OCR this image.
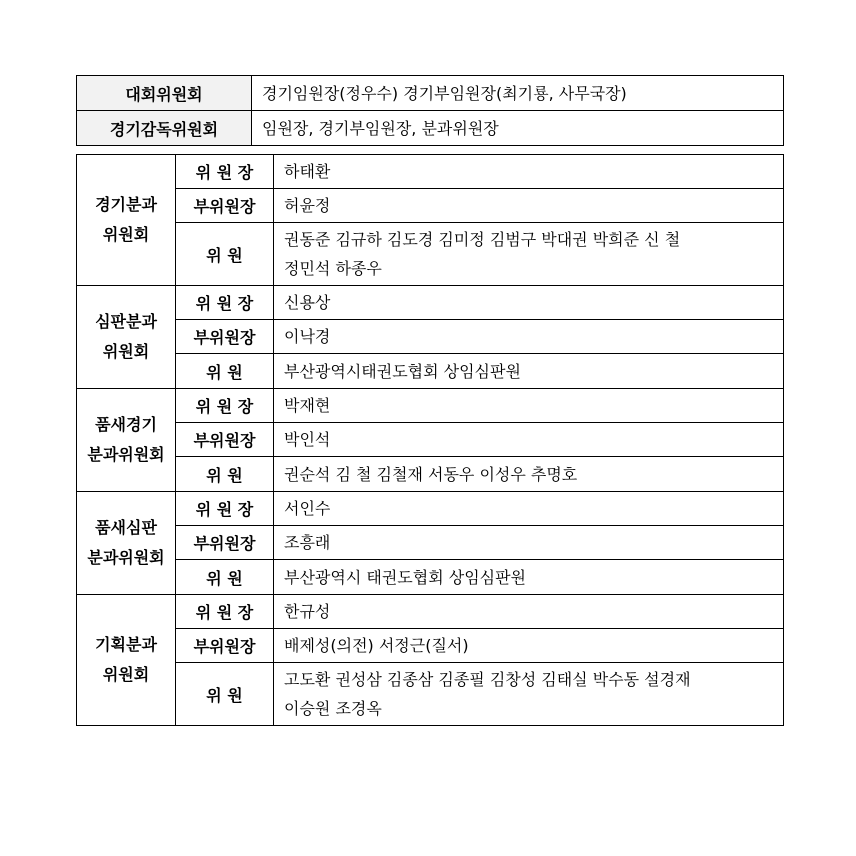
대회위원회	경기임원장(정우수) 경기부임원장(최기룡, 사무국장)
경기감독위원회	임원장, 경기부임원장, 분과위원장
경기분과
위원회	위 원 장	하태환

	부위원장	허윤정

	위 원	권동준 김규하 김도경 김미정 김범구 박대권 박희준 신 철
정민석 하종우

심판분과
위원회	위 원 장	신용상

	부위원장	이낙경

	위 원	부산광역시태권도협회 상임심판원

품새경기
분과위원회	위 원 장	박재현

	부위원장	박인석

	위 원	권순석 김 철 김철재 서동우 이성우 추명호

품새심판
분과위원회	위 원 장	서인수

	부위원장	조흥래

	위 원	부산광역시 태권도협회 상임심판원

기획분과
위원회	위 원 장	한규성

	부위원장	배제성(의전) 서정근(질서)

	위 원	고도환 권성삼 김종삼 김종필 김창성 김태실 박수동 설경재
이승원 조경옥
